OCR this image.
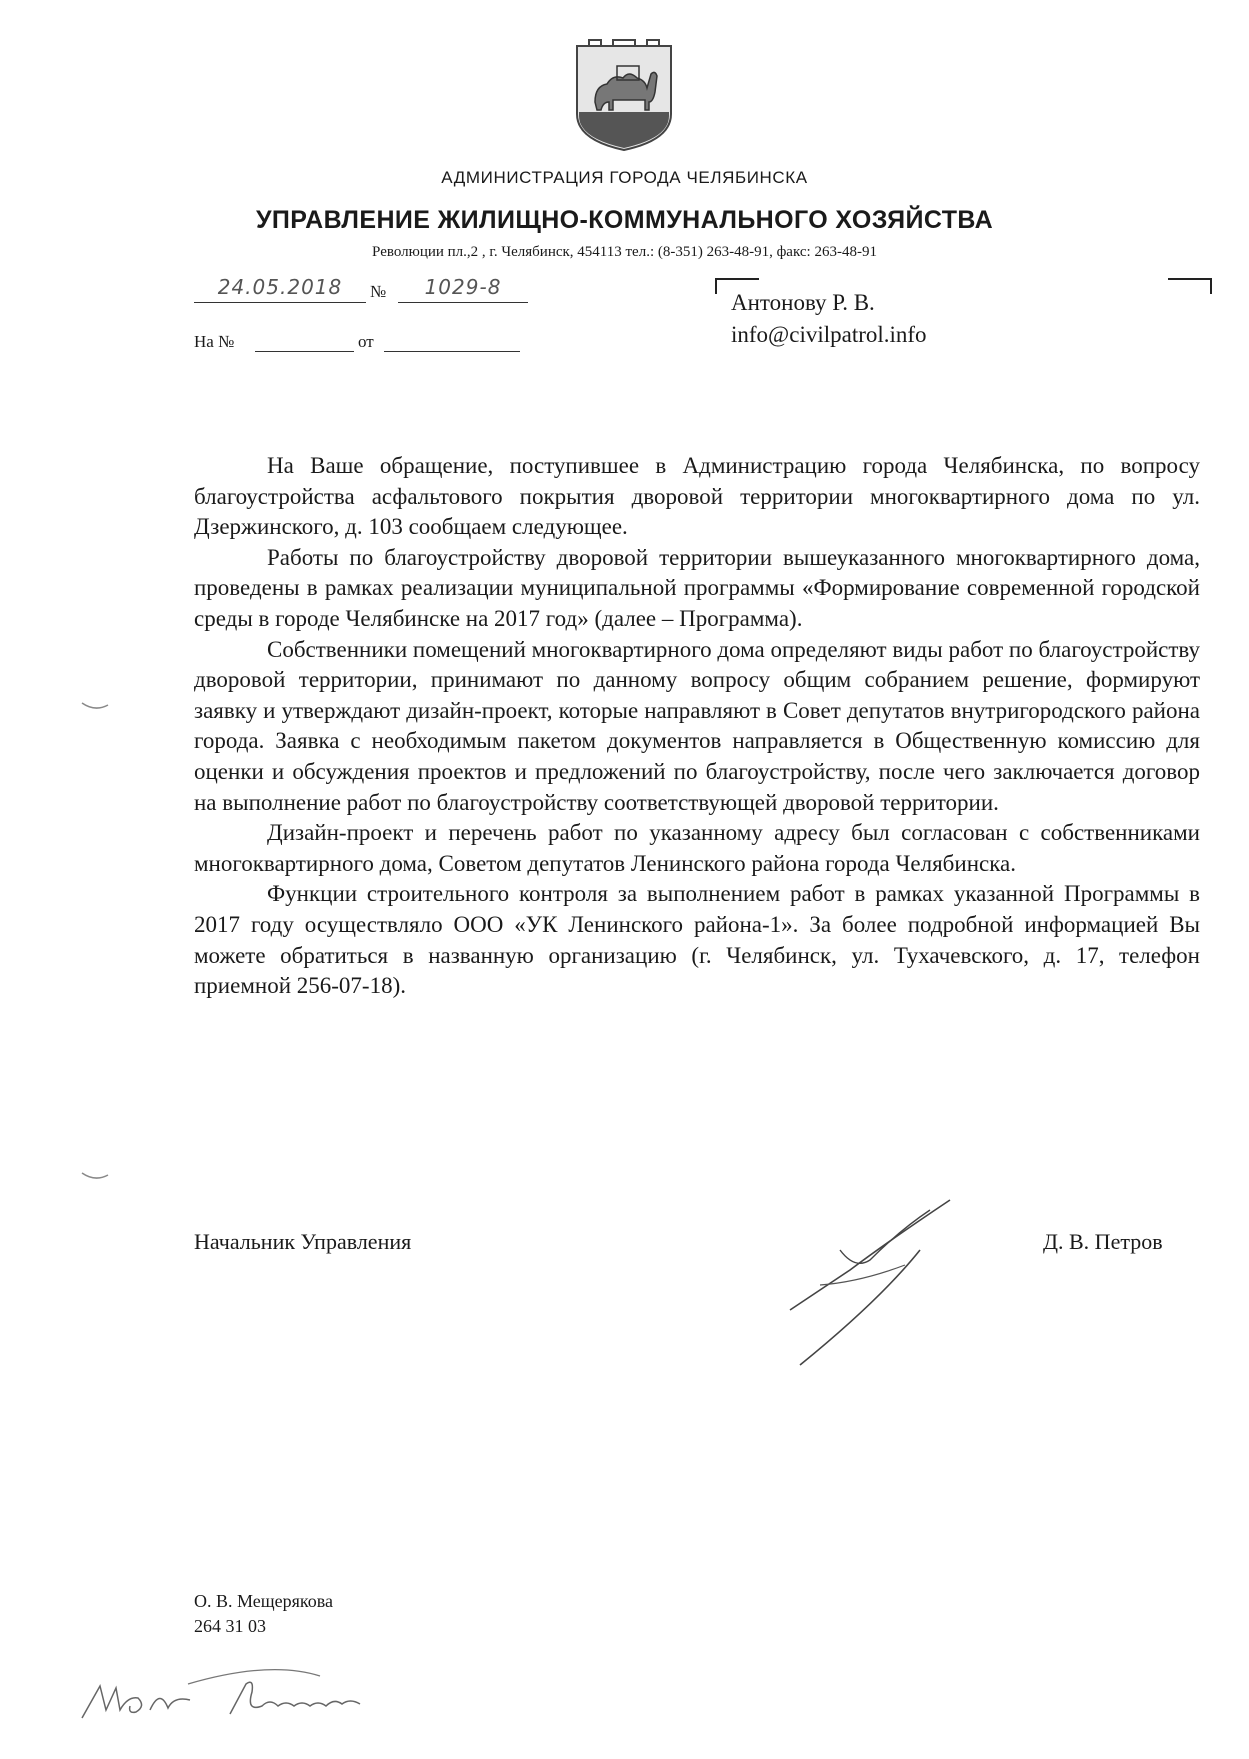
АДМИНИСТРАЦИЯ ГОРОДА ЧЕЛЯБИНСКА
УПРАВЛЕНИЕ ЖИЛИЩНО-КОММУНАЛЬНОГО ХОЗЯЙСТВА
Революции пл.,2 , г. Челябинск, 454113 тел.: (8-351) 263-48-91, факс: 263-48-91
24.05.2018	№	1029-8
На №	от
Антонову Р. В.
info@civilpatrol.info

На Ваше обращение, поступившее в Администрацию города Челябинска, по вопросу благоустройства асфальтового покрытия дворовой территории многоквартирного дома по ул. Дзержинского, д. 103 сообщаем следующее.

Работы по благоустройству дворовой территории вышеуказанного многоквартирного дома, проведены в рамках реализации муниципальной программы «Формирование современной городской среды в городе Челябинске на 2017 год» (далее – Программа).

Собственники помещений многоквартирного дома определяют виды работ по благоустройству дворовой территории, принимают по данному вопросу общим собранием решение, формируют заявку и утверждают дизайн-проект, которые направляют в Совет депутатов внутригородского района города. Заявка с необходимым пакетом документов направляется в Общественную комиссию для оценки и обсуждения проектов и предложений по благоустройству, после чего заключается договор на выполнение работ по благоустройству соответствующей дворовой территории.

Дизайн-проект и перечень работ по указанному адресу был согласован с собственниками многоквартирного дома, Советом депутатов Ленинского района города Челябинска.

Функции строительного контроля за выполнением работ в рамках указанной Программы в 2017 году осуществляло ООО «УК Ленинского района-1». За более подробной информацией Вы можете обратиться в названную организацию (г. Челябинск, ул. Тухачевского, д. 17, телефон приемной 256-07-18).

Начальник Управления	Д. В. Петров
О. В. Мещерякова
264 31 03
